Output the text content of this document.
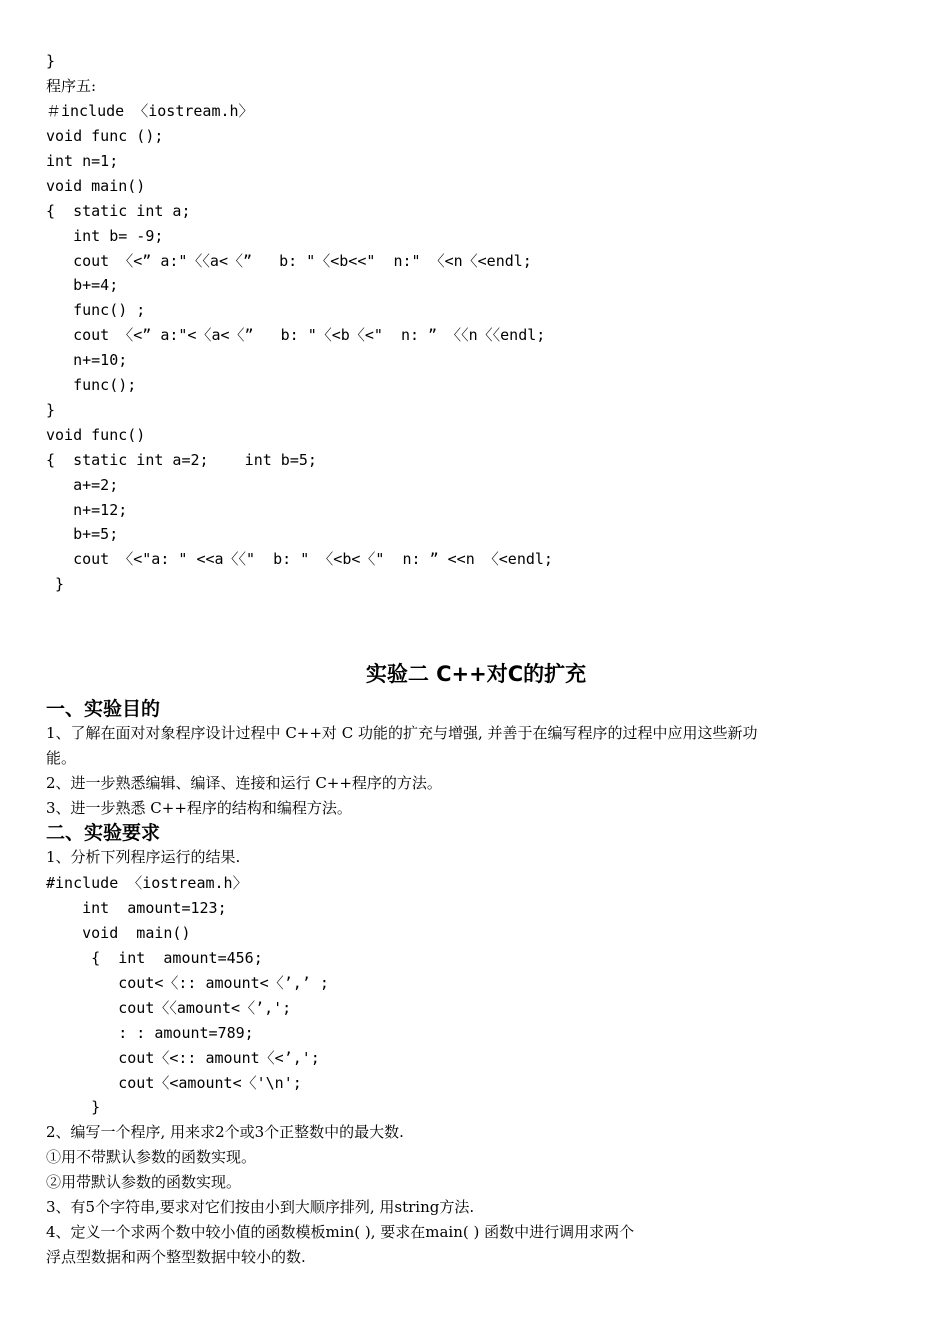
}
程序五:
＃include 〈iostream.h〉
void func ();
int n=1;
void main()
{  static int a;
int b= -9;
cout 〈<” a:"〈〈a<〈”   b: "〈<b<<"  n:" 〈<n〈<endl;
b+=4;
func() ;
cout 〈<” a:"<〈a<〈”   b: "〈<b〈<"  n: ” 〈〈n〈〈endl;
n+=10;
func();
}
void func()
{  static int a=2;    int b=5;
a+=2;
n+=12;
b+=5;
cout 〈<"a: " <<a〈〈"  b: " 〈<b<〈"  n: ” <<n 〈<endl;
}
实验二 C++对C的扩充
一、实验目的
1、了解在面对对象程序设计过程中 C++对 C 功能的扩充与增强, 并善于在编写程序的过程中应用这些新功
能。
2、进一步熟悉编辑、编译、连接和运行 C++程序的方法。
3、进一步熟悉 C++程序的结构和编程方法。
二、实验要求
1、分析下列程序运行的结果.
#include 〈iostream.h〉
int  amount=123;
void  main()
{  int  amount=456;
cout<〈:: amount<〈’,’ ;
cout〈〈amount<〈’,';
: : amount=789;
cout〈<:: amount〈<’,';
cout〈<amount<〈'\n';
}
2、编写一个程序, 用来求2个或3个正整数中的最大数.
①用不带默认参数的函数实现。
②用带默认参数的函数实现。
3、有5个字符串,要求对它们按由小到大顺序排列, 用string方法.
4、定义一个求两个数中较小值的函数模板min( ), 要求在main( ) 函数中进行调用求两个
浮点型数据和两个整型数据中较小的数.
